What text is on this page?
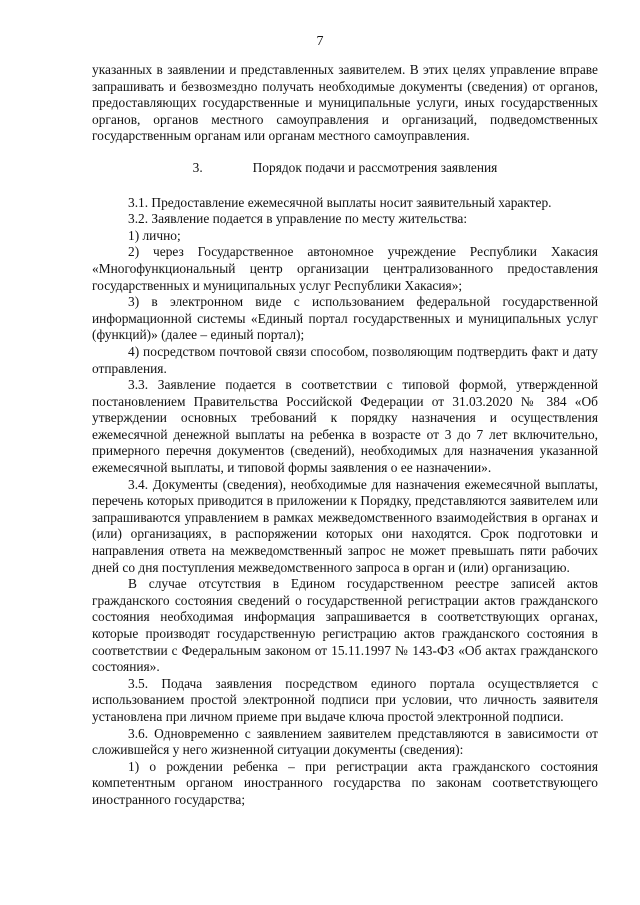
7

указанных в заявлении и представленных заявителем. В этих целях управление вправе запрашивать и безвозмездно получать необходимые документы (сведения) от органов, предоставляющих государственные и муниципальные услуги, иных государственных органов, органов местного самоуправления и организаций, подведомственных государственным органам или органам местного самоуправления.

3.	Порядок подачи и рассмотрения заявления

3.1. Предоставление ежемесячной выплаты носит заявительный характер.

3.2. Заявление подается в управление по месту жительства:

1) лично;

2) через Государственное автономное учреждение Республики Хакасия «Многофункциональный центр организации централизованного предоставления государственных и муниципальных услуг Республики Хакасия»;

3) в электронном виде с использованием федеральной государственной информационной системы «Единый портал государственных и муниципальных услуг (функций)» (далее – единый портал);

4) посредством почтовой связи способом, позволяющим подтвердить факт и дату отправления.

3.3. Заявление подается в соответствии с типовой формой, утвержденной постановлением Правительства Российской Федерации от 31.03.2020 № 384 «Об утверждении основных требований к порядку назначения и осуществления ежемесячной денежной выплаты на ребенка в возрасте от 3 до 7 лет включительно, примерного перечня документов (сведений), необходимых для назначения указанной ежемесячной выплаты, и типовой формы заявления о ее назначении».

3.4. Документы (сведения), необходимые для назначения ежемесячной выплаты, перечень которых приводится в приложении к Порядку, представляются заявителем или запрашиваются управлением в рамках межведомственного взаимодействия в органах и (или) организациях, в распоряжении которых они находятся. Срок подготовки и направления ответа на межведомственный запрос не может превышать пяти рабочих дней со дня поступления межведомственного запроса в орган и (или) организацию.

В случае отсутствия в Едином государственном реестре записей актов гражданского состояния сведений о государственной регистрации актов гражданского состояния необходимая информация запрашивается в соответствующих органах, которые производят государственную регистрацию актов гражданского состояния в соответствии с Федеральным законом от 15.11.1997 № 143-ФЗ «Об актах гражданского состояния».

3.5. Подача заявления посредством единого портала осуществляется с использованием простой электронной подписи при условии, что личность заявителя установлена при личном приеме при выдаче ключа простой электронной подписи.

3.6. Одновременно с заявлением заявителем представляются в зависимости от сложившейся у него жизненной ситуации документы (сведения):

1) о рождении ребенка – при регистрации акта гражданского состояния компетентным органом иностранного государства по законам соответствующего иностранного государства;
